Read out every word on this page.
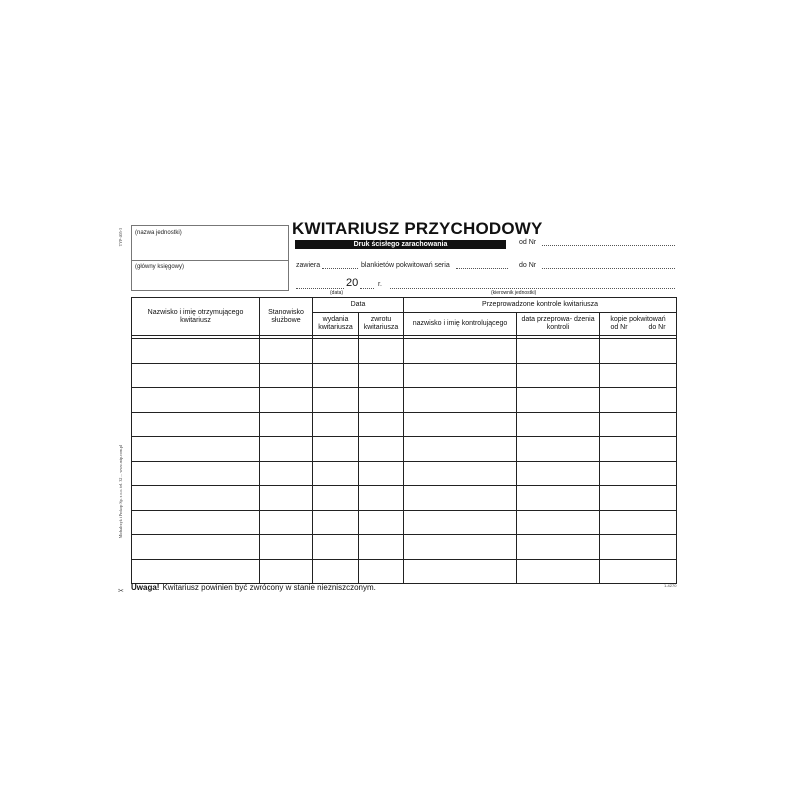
TYP-405-3
Michalczyk i Prokop Sp. z o.o. tel. 32 ... www.mip.com.pl
(nazwa jednostki)
(główny księgowy)
KWITARIUSZ PRZYCHODOWY
Druk ścisłego zarachowania	od Nr
zawiera	blankietów pokwitowań seria	do Nr
20	r.
(data)	(kierownik jednostki)
Nazwisko i imię otrzymującego kwitariusz	Stanowisko służbowe	Data		Przeprowadzone kontrole kwitariusza		
		wydania kwitariusza	zwrotu kwitariusza	nazwisko i imię kontrolującego	data przeprowa- dzenia kontroli	kopie pokwitowań
od Nr do Nr

✂ Uwaga! Kwitariusz powinien być zwrócony w stanie niezniszczonym.	1-4270
